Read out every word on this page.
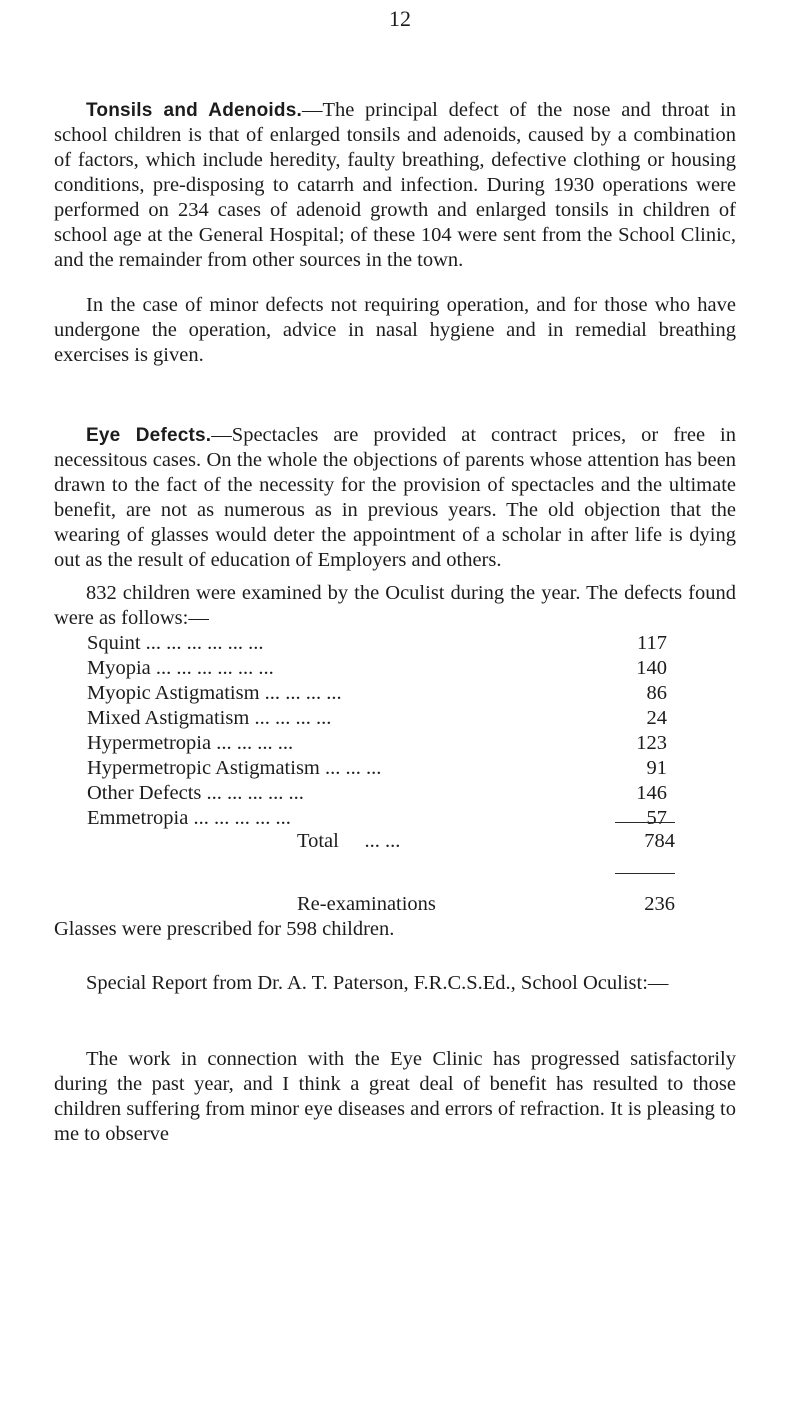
12

Tonsils and Adenoids.—The principal defect of the nose and throat in school children is that of enlarged tonsils and adenoids, caused by a combination of factors, which include heredity, faulty breathing, defective clothing or housing conditions, pre-disposing to catarrh and infection. During 1930 operations were performed on 234 cases of adenoid growth and enlarged tonsils in children of school age at the General Hospital; of these 104 were sent from the School Clinic, and the remainder from other sources in the town.

In the case of minor defects not requiring operation, and for those who have undergone the operation, advice in nasal hygiene and in remedial breathing exercises is given.

Eye Defects.—Spectacles are provided at contract prices, or free in necessitous cases. On the whole the objections of parents whose attention has been drawn to the fact of the necessity for the provision of spectacles and the ultimate benefit, are not as numerous as in previous years. The old objection that the wearing of glasses would deter the appointment of a scholar in after life is dying out as the result of education of Employers and others.

832 children were examined by the Oculist during the year. The defects found were as follows:—

Squint ... ... ... ... ... ...	117
Myopia ... ... ... ... ... ...	140
Myopic Astigmatism ... ... ... ...	86
Mixed Astigmatism ... ... ... ...	24
Hypermetropia ... ... ... ...	123
Hypermetropic Astigmatism ... ... ...	91
Other Defects ... ... ... ... ...	146
Emmetropia ... ... ... ... ...	57
Total ... ...	784
Re-examinations	236
Glasses were prescribed for 598 children.

Special Report from Dr. A. T. Paterson, F.R.C.S.Ed., School Oculist:—

The work in connection with the Eye Clinic has progressed satisfactorily during the past year, and I think a great deal of benefit has resulted to those children suffering from minor eye diseases and errors of refraction. It is pleasing to me to observe
